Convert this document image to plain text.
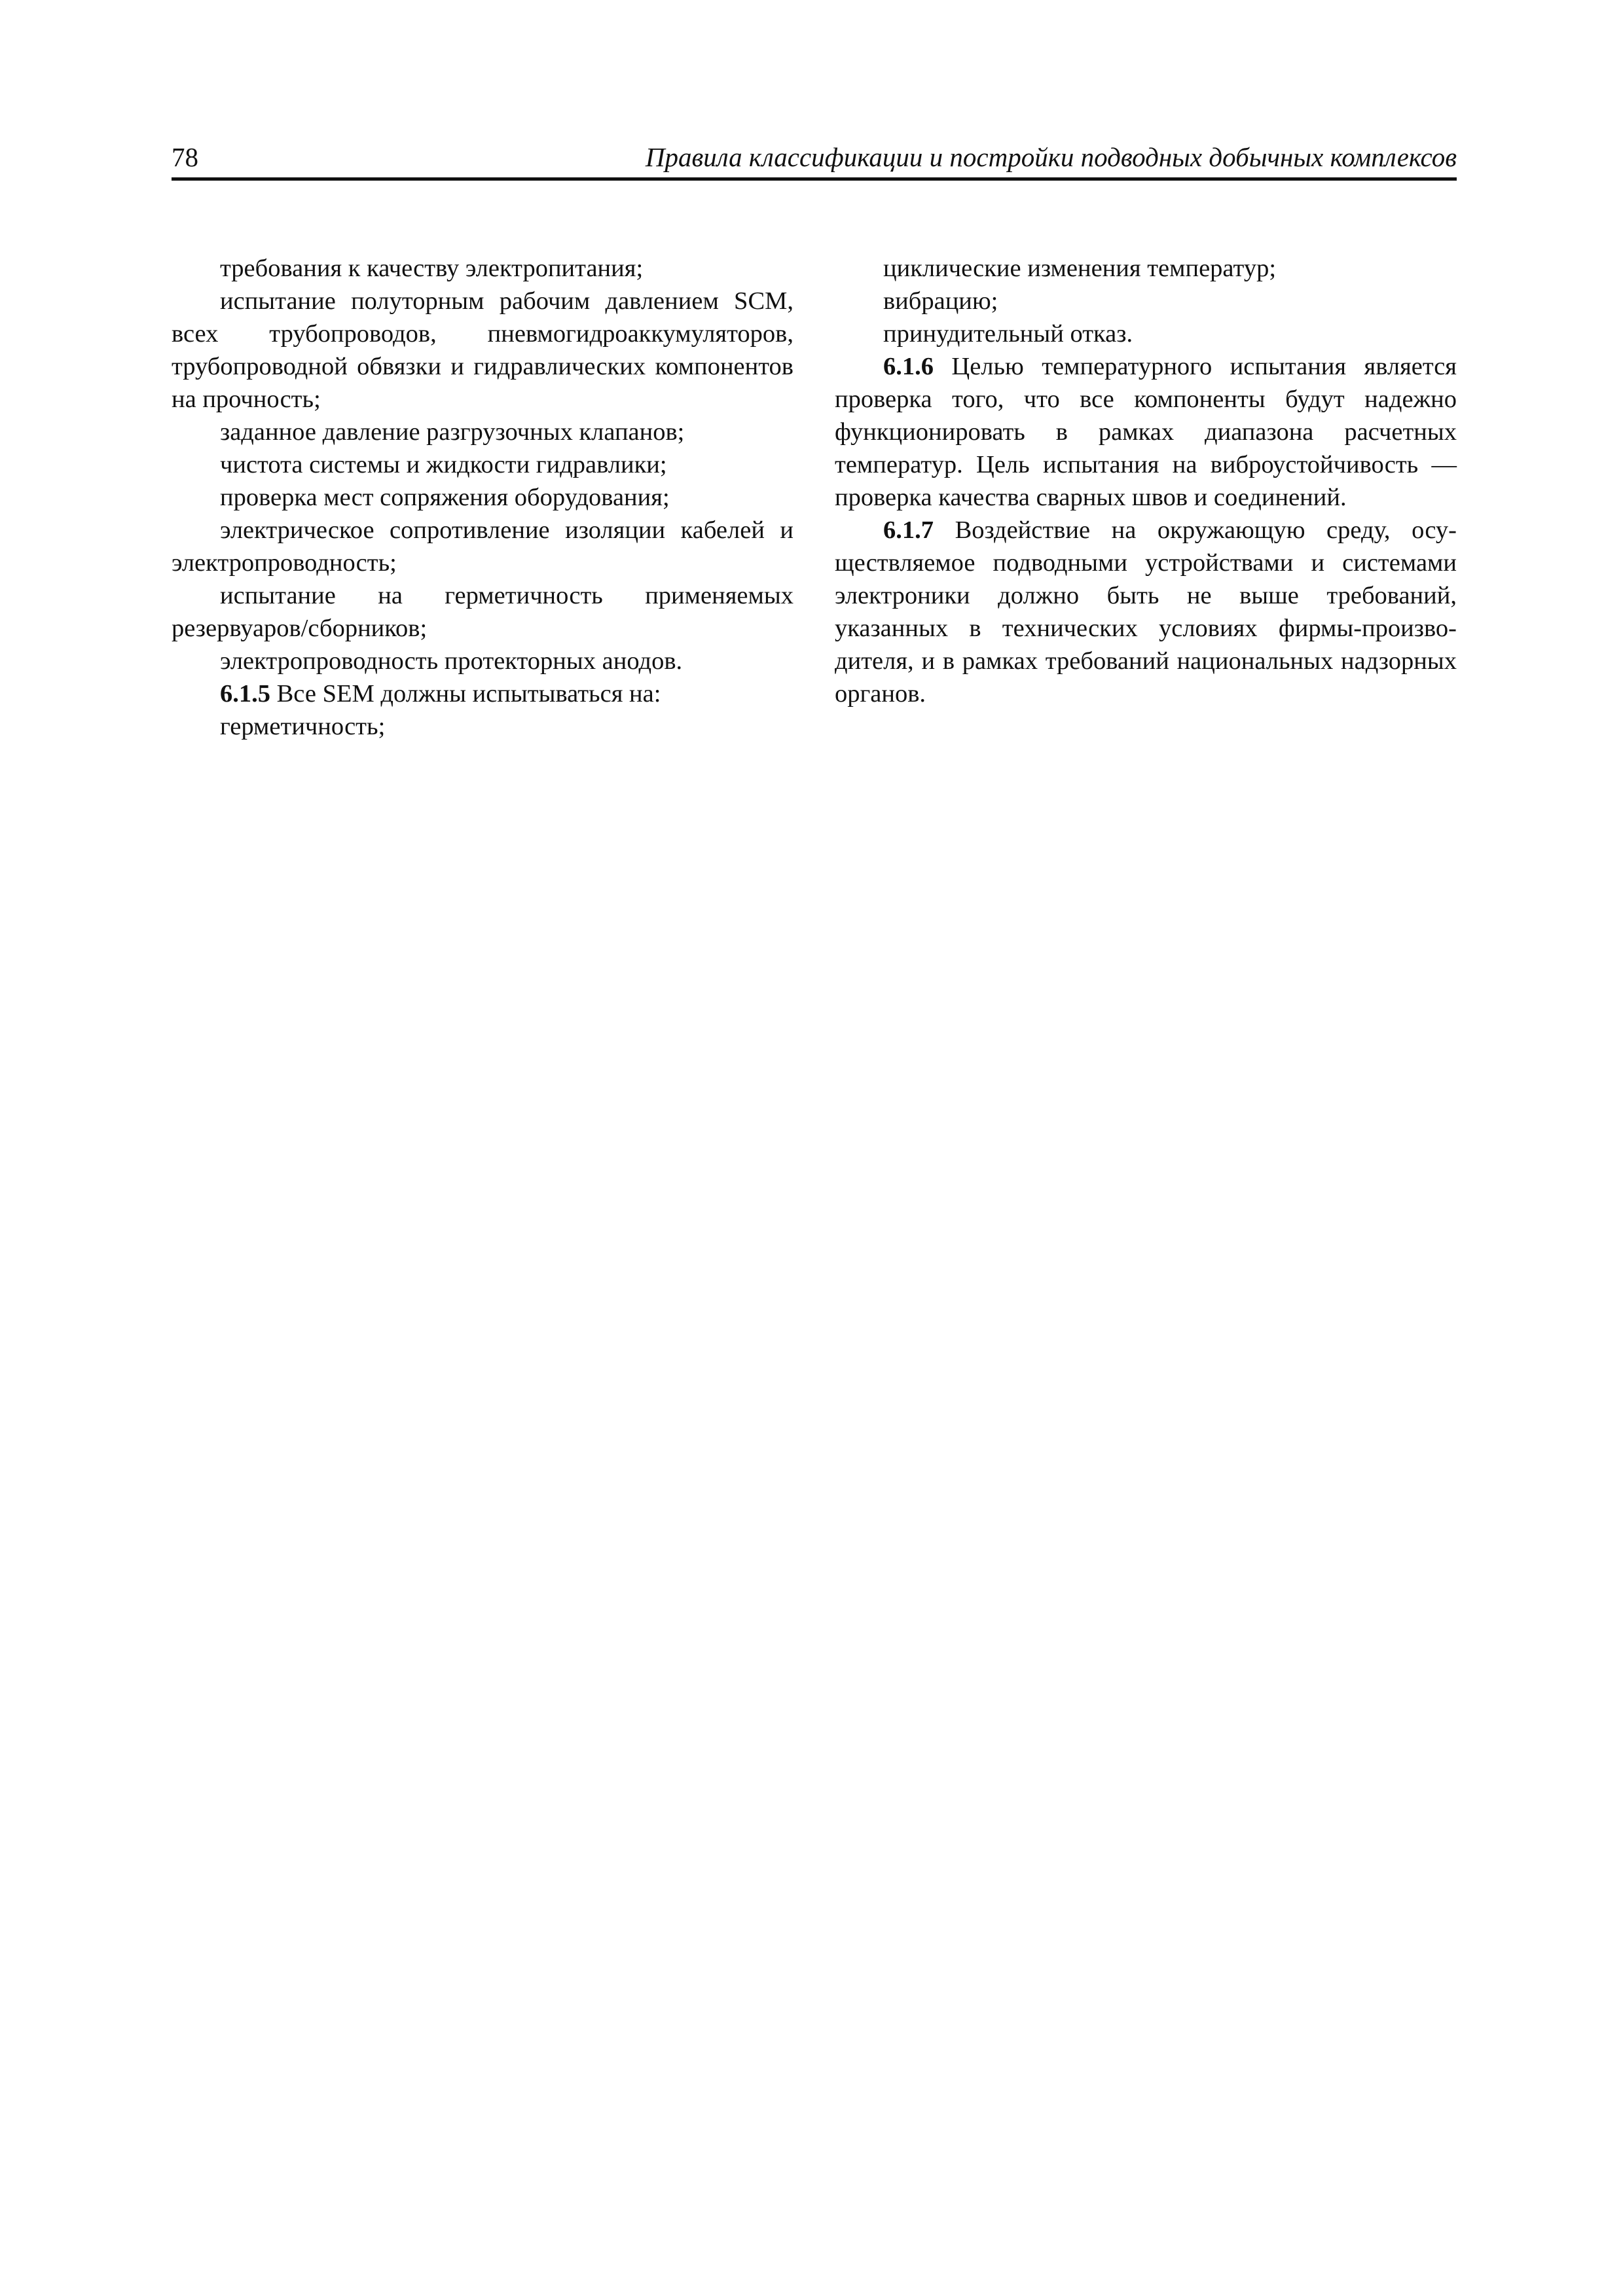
78	Правила классификации и постройки подводных добычных комплексов

требования к качеству электропитания;

испытание полуторным рабочим давлением SCM, всех трубопроводов, пневмогидроаккумуляторов, трубопроводной обвязки и гидравлических компонентов на прочность;

заданное давление разгрузочных клапанов;

чистота системы и жидкости гидравлики;

проверка мест сопряжения оборудования;

электрическое сопротивление изоляции кабелей и электропроводность;

испытание на герметичность применяемых резервуаров/сборников;

электропроводность протекторных анодов.

6.1.5 Все SEM должны испытываться на:

герметичность;

циклические изменения температур;

вибрацию;

принудительный отказ.

6.1.6 Целью температурного испытания является проверка того, что все компоненты будут надежно функционировать в рамках диапазона расчетных температур. Цель испытания на виброустойчивость — проверка качества сварных швов и соединений.

6.1.7 Воздействие на окружающую среду, осуществляемое подводными устройствами и системами электроники должно быть не выше требований, указанных в технических условиях фирмы-производителя, и в рамках требований национальных надзорных органов.
